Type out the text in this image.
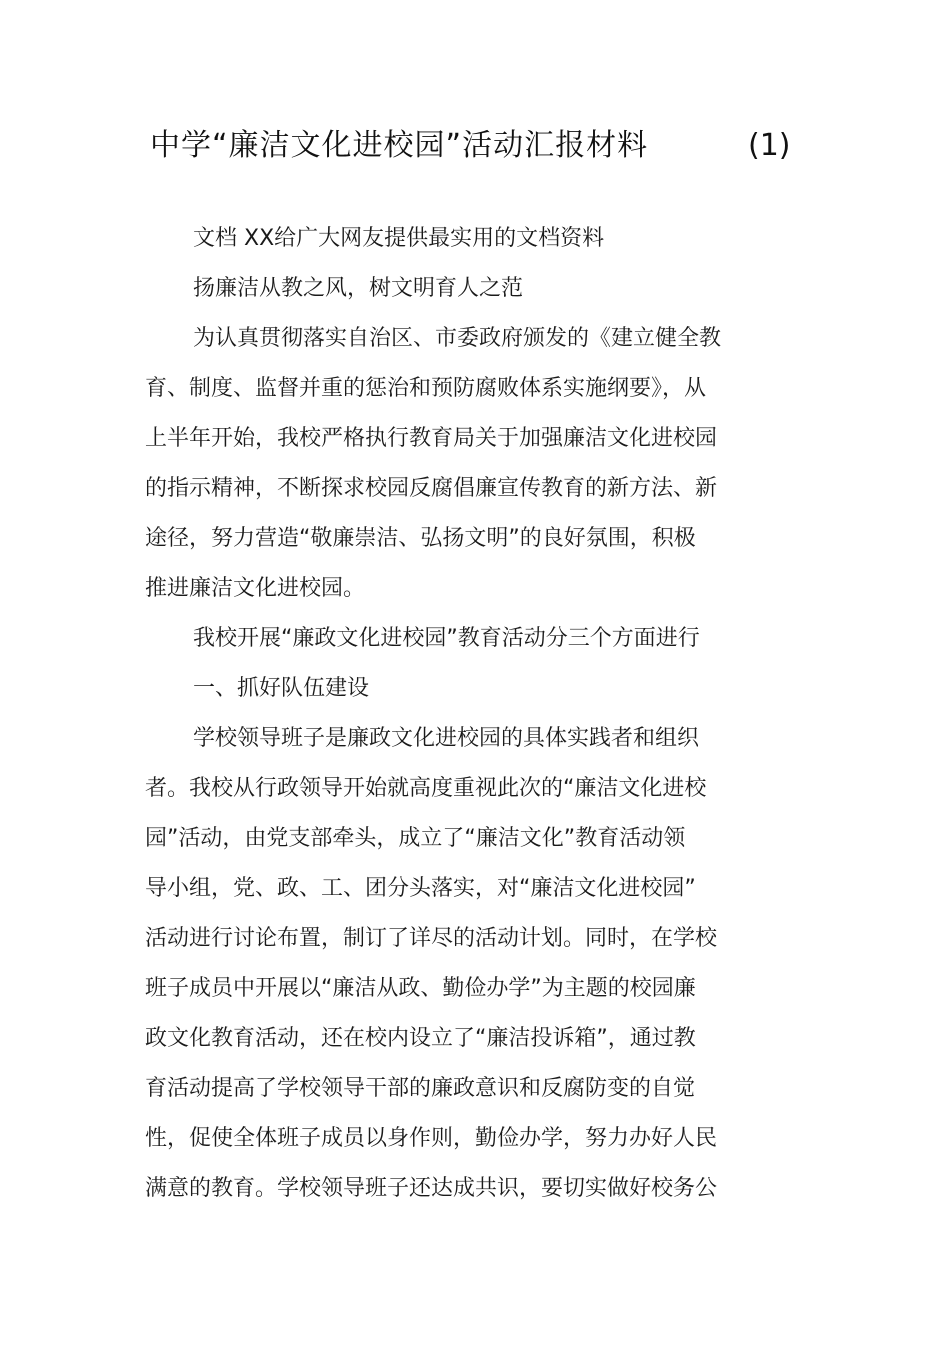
中学“廉洁文化进校园”活动汇报材料	(1)

文档 XX给广大网友提供最实用的文档资料

扬廉洁从教之风，树文明育人之范

为认真贯彻落实自治区、市委政府颁发的《建立健全教
育、制度、监督并重的惩治和预防腐败体系实施纲要》，从
上半年开始，我校严格执行教育局关于加强廉洁文化进校园
的指示精神，不断探求校园反腐倡廉宣传教育的新方法、新
途径，努力营造“敬廉崇洁、弘扬文明”的良好氛围，积极
推进廉洁文化进校园。

我校开展“廉政文化进校园”教育活动分三个方面进行

一、抓好队伍建设

学校领导班子是廉政文化进校园的具体实践者和组织
者。我校从行政领导开始就高度重视此次的“廉洁文化进校
园”活动，由党支部牵头，成立了“廉洁文化”教育活动领
导小组，党、政、工、团分头落实，对“廉洁文化进校园”
活动进行讨论布置，制订了详尽的活动计划。同时，在学校
班子成员中开展以“廉洁从政、勤俭办学”为主题的校园廉
政文化教育活动，还在校内设立了“廉洁投诉箱”，通过教
育活动提高了学校领导干部的廉政意识和反腐防变的自觉
性，促使全体班子成员以身作则，勤俭办学，努力办好人民
满意的教育。学校领导班子还达成共识，要切实做好校务公
